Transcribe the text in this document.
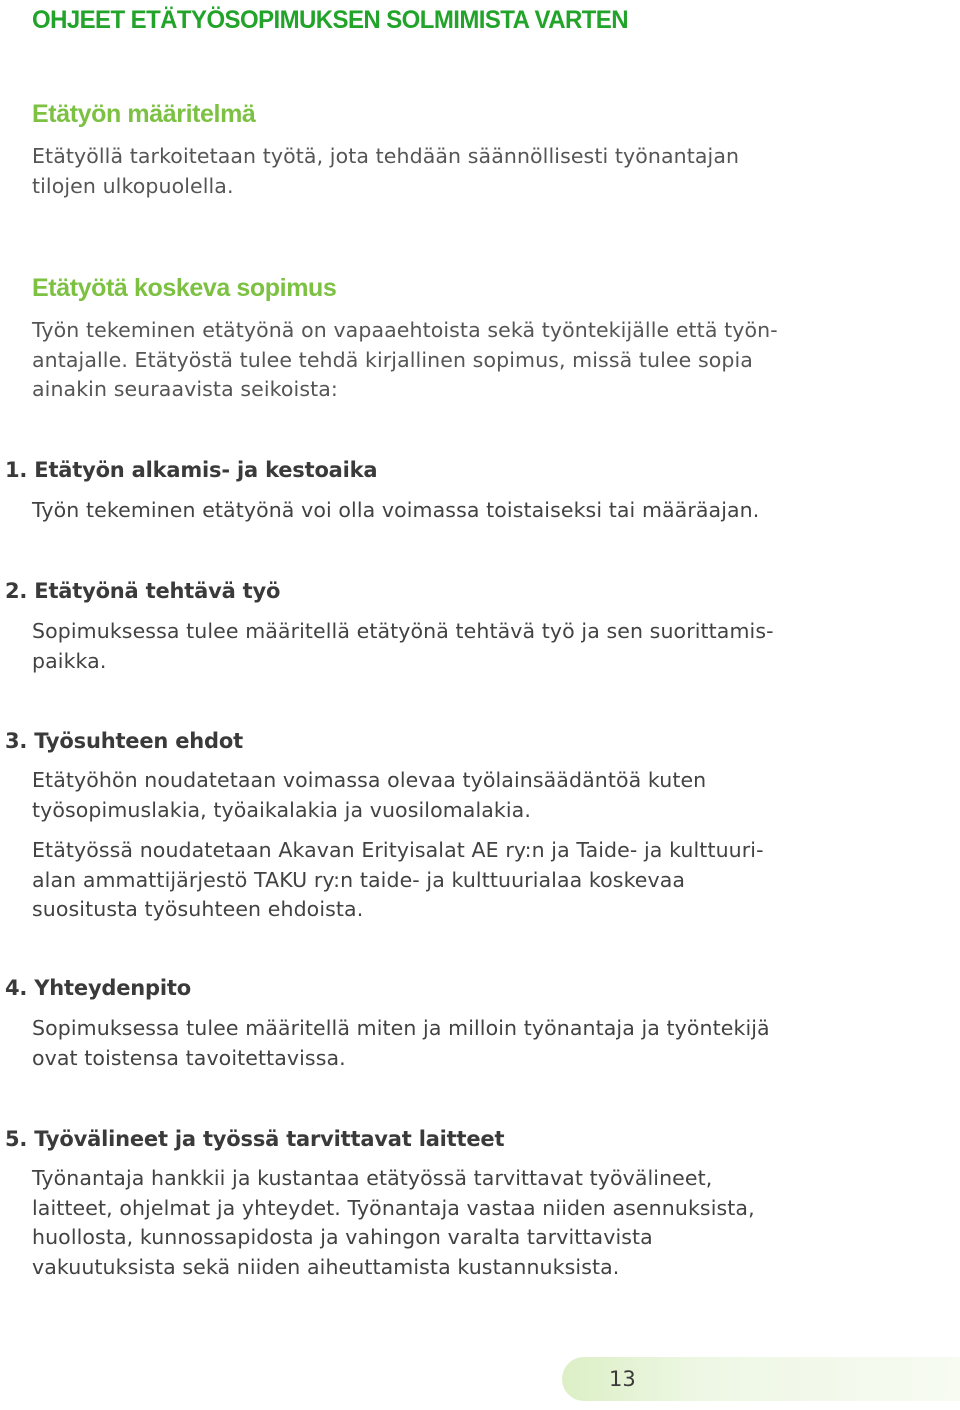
OHJEET ETÄTYÖSOPIMUKSEN SOLMIMISTA VARTEN
Etätyön määritelmä

Etätyöllä tarkoitetaan työtä, jota tehdään säännöllisesti työnantajan
tilojen ulkopuolella.

Etätyötä koskeva sopimus

Työn tekeminen etätyönä on vapaaehtoista sekä työntekijälle että työn-
antajalle. Etätyöstä tulee tehdä kirjallinen sopimus, missä tulee sopia
ainakin seuraavista seikoista:

1. Etätyön alkamis- ja kestoaika

Työn tekeminen etätyönä voi olla voimassa toistaiseksi tai määräajan.

2. Etätyönä tehtävä työ

Sopimuksessa tulee määritellä etätyönä tehtävä työ ja sen suorittamis-
paikka.

3. Työsuhteen ehdot

Etätyöhön noudatetaan voimassa olevaa työlainsäädäntöä kuten
työsopimuslakia, työaikalakia ja vuosilomalakia.

Etätyössä noudatetaan Akavan Erityisalat AE ry:n ja Taide- ja kulttuuri-
alan ammattijärjestö TAKU ry:n taide- ja kulttuurialaa koskevaa
suositusta työsuhteen ehdoista.

4. Yhteydenpito

Sopimuksessa tulee määritellä miten ja milloin työnantaja ja työntekijä
ovat toistensa tavoitettavissa.

5. Työvälineet ja työssä tarvittavat laitteet

Työnantaja hankkii ja kustantaa etätyössä tarvittavat työvälineet,
laitteet, ohjelmat ja yhteydet. Työnantaja vastaa niiden asennuksista,
huollosta, kunnossapidosta ja vahingon varalta tarvittavista
vakuutuksista sekä niiden aiheuttamista kustannuksista.

13
